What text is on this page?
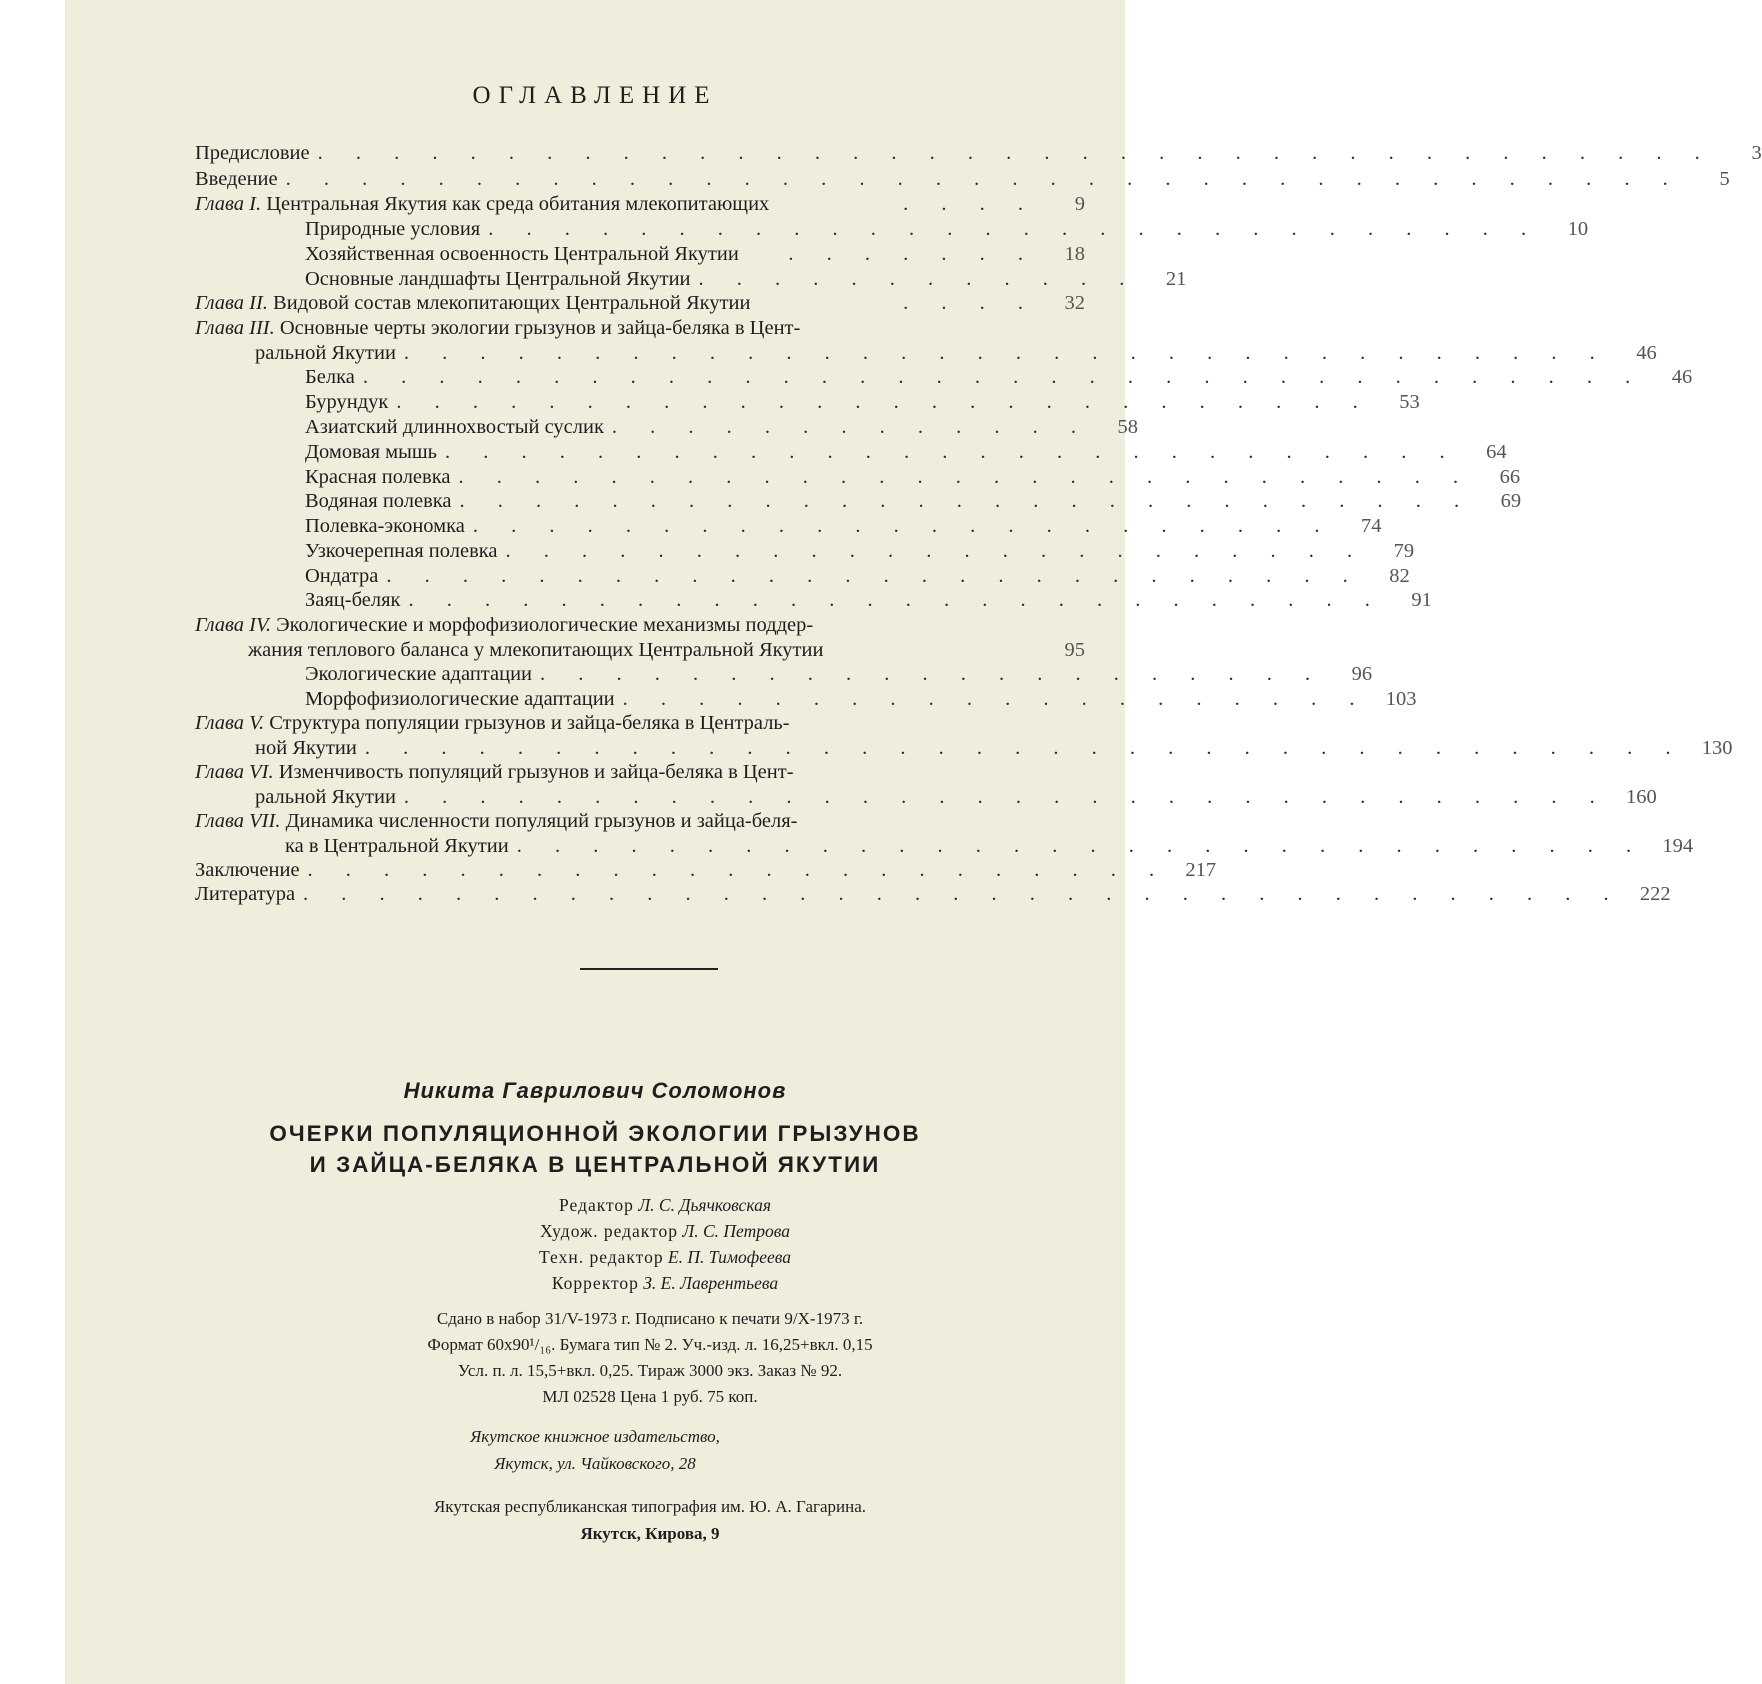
ОГЛАВЛЕНИЕ
Предисловие . . . . . . . . . . . . . . . . . . . . . . . . . . . . . . . . . . . . .	3
Введение . . . . . . . . . . . . . . . . . . . . . . . . . . . . . . . . . . . . .	5
Глава I. Центральная Якутия как среда обитания млекопитающих	. . . .	9
Природные условия . . . . . . . . . . . . . . . . . . . . . . . . . . . .	10
Хозяйственная освоенность Центральной Якутии	. . . . . . .	18
Основные ландшафты Центральной Якутии . . . . . . . . . . . .	21
Глава II. Видовой состав млекопитающих Центральной Якутии	. . . .	32
Глава III. Основные черты экологии грызунов и зайца-беляка в Цент-
ральной Якутии . . . . . . . . . . . . . . . . . . . . . . . . . . . . . . . .	46
Белка . . . . . . . . . . . . . . . . . . . . . . . . . . . . . . . . . .	46
Бурундук . . . . . . . . . . . . . . . . . . . . . . . . . .	53
Азиатский длиннохвостый суслик . . . . . . . . . . . . .	58
Домовая мышь . . . . . . . . . . . . . . . . . . . . . . . . . . .	64
Красная полевка . . . . . . . . . . . . . . . . . . . . . . . . . . .	66
Водяная полевка . . . . . . . . . . . . . . . . . . . . . . . . . . .	69
Полевка-экономка . . . . . . . . . . . . . . . . . . . . . . .	74
Узкочерепная полевка . . . . . . . . . . . . . . . . . . . . . . .	79
Ондатра . . . . . . . . . . . . . . . . . . . . . . . . . .	82
Заяц-беляк . . . . . . . . . . . . . . . . . . . . . . . . . .	91
Глава IV. Экологические и морфофизиологические механизмы поддер-
жания теплового баланса у млекопитающих Центральной Якутии	95
Экологические адаптации . . . . . . . . . . . . . . . . . . . . .	96
Морфофизиологические адаптации . . . . . . . . . . . . . . . . . . . . 103
Глава V. Структура популяции грызунов и зайца-беляка в Централь-
ной Якутии . . . . . . . . . . . . . . . . . . . . . . . . . . . . . . . . . . . 130
Глава VI. Изменчивость популяций грызунов и зайца-беляка в Цент-
ральной Якутии . . . . . . . . . . . . . . . . . . . . . . . . . . . . . . . . 160
Глава VII. Динамика численности популяций грызунов и зайца-беля-
ка в Центральной Якутии . . . . . . . . . . . . . . . . . . . . . . . . . . . . . . 194
Заключение . . . . . . . . . . . . . . . . . . . . . . . 217
Литература . . . . . . . . . . . . . . . . . . . . . . . . . . . . . . . . . . . 222
Никита Гаврилович Соломонов
ОЧЕРКИ ПОПУЛЯЦИОННОЙ ЭКОЛОГИИ ГРЫЗУНОВ
И ЗАЙЦА-БЕЛЯКА В ЦЕНТРАЛЬНОЙ ЯКУТИИ
Редактор Л. С. Дьячковская
Худож. редактор Л. С. Петрова
Техн. редактор Е. П. Тимофеева
Корректор З. Е. Лаврентьева
Сдано в набор 31/V-1973 г. Подписано к печати 9/X-1973 г.
Формат 60х90¹/₁₆. Бумага тип № 2. Уч.-изд. л. 16,25+вкл. 0,15
Усл. п. л. 15,5+вкл. 0,25. Тираж 3000 экз. Заказ № 92.
МЛ 02528 Цена 1 руб. 75 коп.
Якутское книжное издательство,
Якутск, ул. Чайковского, 28
Якутская республиканская типография им. Ю. А. Гагарина.
Якутск, Кирова, 9
